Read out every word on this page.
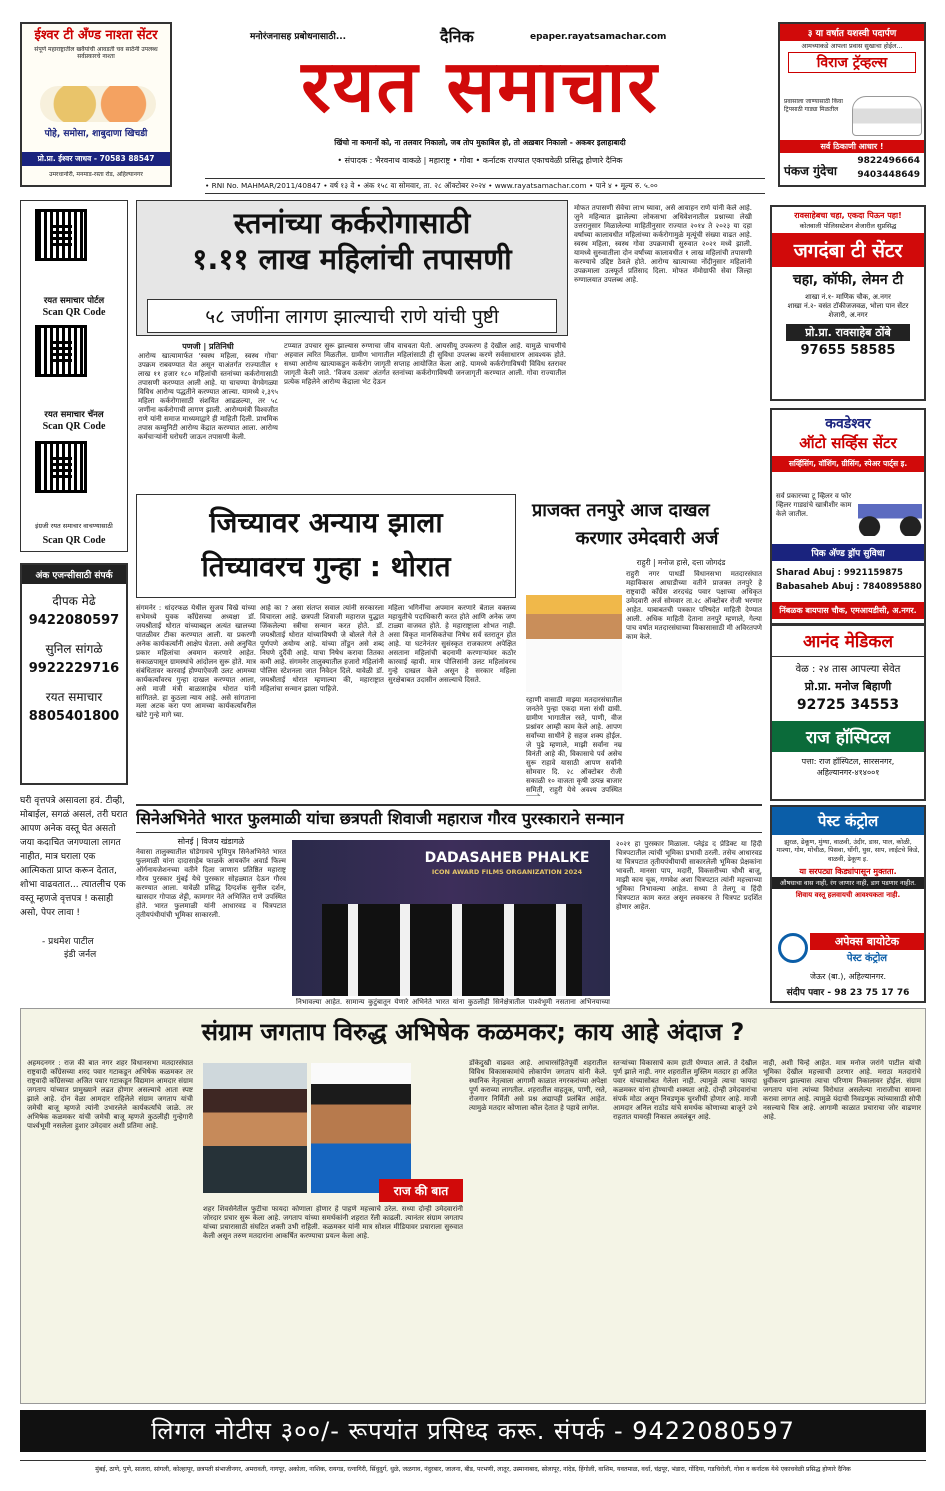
ईश्वर टी अँण्ड नाश्ता सेंटर
संपूर्ण महाराष्ट्रातील खवैयांची आवडती चव साठेंनी उपलब्ध सर्वप्रकारचे नाश्ता
पोहे, समोसा, शाबुदाणा खिचडी
प्रो.प्रा. ईश्वर जाधव - 70583 88547
उमरधानोरी, मनमाड-रस्ता रोड, अहिल्यानगर
मनोरंजनासह प्रबोधनासाठी...	दैनिक	epaper.rayatsamachar.com
रयत समाचार
खिंचो ना कमानों को, ना तलवार निकालो, जब तोप मुकाबिल हो, तो अख़बार निकालो - अकबर इलाहाबादी
• संपादक : भैरवनाथ वाकळे | महाराष्ट्र • गोवा • कर्नाटक राज्यात एकाचवेळी प्रसिद्ध होणारे दैनिक
• RNI No. MAHMAR/2011/40847 • वर्ष १३ वे • अंक १५८ वा सोमवार, ता. २८ ऑक्टोबर २०२४ • www.rayatsamachar.com • पाने ४ • मूल्य रु. ५.००
३ या वर्षात यशस्वी पदार्पण
आमच्याकडे आपला प्रवास सुखाचा होईल...
विराज ट्रॅव्हल्स
प्रवासाला जाण्यासाठी किंवा ट्रिपसाठी गाड्या मिळतील
सर्व ठिकाणी आधार !
पंकज गुंदेचा
9822496664
9403448649
रयत समाचार पोर्टल
Scan QR Code
रयत समाचार चॅनल
Scan QR Code
इंग्रजी रयत समाचार वाचण्यासाठी
Scan QR Code
अंक एजन्सीसाठी संपर्क
दीपक मेढे
9422080597
सुनिल सांगळे
9922229716
रयत समाचार
8805401800
घरी वृत्तपत्रे असावला हवं. टीव्ही, मोबाईल, सगळं असलं, तरी घरात आपण अनेक वस्तू घेत असतो जया कदाचित जगण्याला लागत नाहीत, मात्र घराला एक आत्मिकता प्राप्त करून देतात, शोभा वाढवतात... त्यातलीच एक वस्तू म्हणजे वृत्तपत्र ! कसाही असो, पेपर लावा !
- प्रथमेश पाटील
इंडी जर्नल
स्तनांच्या कर्करोगासाठी
१.११ लाख महिलांची तपासणी
५८ जणींना लागण झाल्याची राणे यांची पुष्टी
पणजी | प्रतिनिधी
आरोग्य खात्यामार्फत 'स्वस्थ महिला, स्वस्थ गोवा' उपक्रम राबवण्यात येत असून याअंतर्गत राज्यातील १ लाख ११ हजार १८० महिलांची स्तनांच्या कर्करोगासाठी तपासणी करण्यात आली आहे. या चाचण्या वेगवेगळ्या विविध आरोग्य पद्धतीने करण्यात आल्या. यामध्ये २,३९५ महिला कर्करोगासाठी संशयित आढळल्या, तर ५८ जणींना कर्करोगाची लागण झाली. आरोग्यमंत्री विश्वजीत राणे यांनी समाज माध्यमाद्वारे ही माहिती दिली. प्राथमिक तपास कम्युनिटी आरोग्य केंद्रात करण्यात आला. आरोग्य कर्मचाऱ्यांनी घरोघरी जाऊन तपासणी केली.
टप्प्यात उपचार सुरू झाल्यास रुग्णाचा जीव वाचवता येतो. आयसीयू उपकरण हे देखील आहे. यामुळे चाचणीचे अहवाल त्वरित मिळतील. ग्रामीण भागातील महिलांसाठी ही सुविधा उपलब्ध करणे सर्वसाधारण आवश्यक होते. सध्या आरोग्य खात्याकडून कर्करोग जागृती सप्ताह आयोजित केला आहे. यामध्ये कर्करोगाविषयी विविध स्तरावर जागृती केली जाते. 'विजय उत्सव' अंतर्गत स्तनांच्या कर्करोगाविषयी जनजागृती करण्यात आली. गोवा राज्यातील प्रत्येक महिलेने आरोग्य केंद्राला भेट देऊन
मोफत तपासणी सेवेचा लाभ घ्यावा, असे आवाहन राणे यांनी केले आहे. जुने महिन्यात झालेल्या लोकसभा अधिवेशनातील प्रश्नाच्या लेखी उत्तरानुसार मिळालेल्या माहितीनुसार राज्यात २०१४ ते २०२३ या दहा वर्षांच्या कालावधीत महिलांच्या कर्करोगामुळे मृत्यूंची संख्या वाढत आहे. स्वस्थ महिला, स्वस्थ गोवा उपक्रमाची सुरुवात २०२१ मध्ये झाली. यामध्ये सुरुवातीला दोन वर्षांच्या कालावधीत १ लाख महिलांची तपासणी करण्याचे उद्दिष्ट ठेवले होते. आरोग्य खात्याच्या नोंदीनुसार महिलांनी उपक्रमाला उत्स्फूर्त प्रतिसाद दिला. मोफत मॅमोग्राफी सेवा जिल्हा रुग्णालयात उपलब्ध आहे.
रावसाहेबचा चहा, एकदा पिऊन पहा!
कोतवाली पोलिसस्टेशन शेजारील सुप्रसिद्ध
जगदंबा टी सेंटर
चहा, कॉफी, लेमन टी
शाखा नं.१- माणिक चौक, अ.नगर
शाखा नं.२- वसंत टॉकीजजवळ, भोला पान सेंटर शेजारी, अ.नगर
प्रो.प्रा. रावसाहेब ठोंबे
97655 58585
कवडेश्वर
ऑटो सर्व्हिस सेंटर
सर्व्हिसिंग, वॉशिंग, ग्रीसिंग, स्पेअर पार्ट्स इ.
सर्व प्रकारच्या टू व्हिलर व फोर व्हिलर गाड्यांचे खात्रीशीर काम केले जातील.
पिक अ‍ॅण्ड ड्रॉप सुविधा
Sharad Abuj : 9921159875
Babasaheb Abuj : 7840895880
निंबळक बायपास चौक, एमआयडीसी, अ.नगर.
आनंद मेडिकल
वेळ : २४ तास आपल्या सेवेत
प्रो.प्रा. मनोज बिहाणी
92725 34553
राज हॉस्पिटल
पत्ता: राज हॉस्पिटल, सारसनगर, अहिल्यानगर-४१४००१
पेस्ट कंट्रोल
झुरळ, ढेकूण, मुंग्या, वाळवी, उंदीर, डास, पाल, कोळी, माश्या, गोम, मोचीळ, पिसवा, घोंगी, घुस, साप, लाईटचे किडे, वाळवी, ढेकूण इ.
या सरपट्या किड्यांपासून मुक्तता.
औषधाचा वास नाही, रंग जाणार नाही, डाग पडणार नाहीत.
शिवाय वस्तू हलवायची आवश्यकता नाही.
अपेक्स बायोटेक
पेस्ट कंट्रोल
जेऊर (बा.), अहिल्यानगर.
संदीप पवार - 98 23 75 17 76
जिच्यावर अन्याय झाला
तिच्यावरच गुन्हा : थोरात
संगमनेर : धांदरफळ येथील सुजय विखे यांच्या सभेमध्ये युवक काँग्रेसच्या अध्यक्षा डॉ. जयश्रीताई थोरात यांच्याबद्दल अत्यंत खालच्या पातळीवर टीका करण्यात आली. या प्रकरणी अनेक कार्यकर्त्यांनी आक्षेप घेतला. असे अनुचित प्रकार महिलांचा अवमान करणारे आहेत. सकाळपासून ग्रामस्थांचे आंदोलन सुरू होते. मात्र संबंधितावर कारवाई होण्याऐवजी उलट आमच्या कार्यकर्त्यांवरच गुन्हा दाखल करण्यात आला, असे माजी मंत्री बाळासाहेब थोरात यांनी सांगितले. हा कुठला न्याय आहे. असे सांगताना मला अटक करा पण आमच्या कार्यकर्त्यांवरील खोटे गुन्हे मागे घ्या.
आहे का ? असा संतप्त सवाल त्यांनी सरकारला विचारला आहे. छत्रपती शिवाजी महाराज युद्धात जिंकलेल्या स्त्रीचा सन्मान करत होते. डॉ. जयश्रीताई थोरात यांच्याविषयी जे बोलले गेले ते पूर्णपणे अयोग्य आहे. यांच्या तोंडून असे शब्द निघणे दुर्दैवी आहे. याचा निषेध करावा तितका कमी आहे. संगमनेर तालुक्यातील हजारो महिलांनी पोलिस स्टेशनला जात निवेदन दिले. यावेळी डॉ. जयश्रीताई थोरात म्हणाल्या की, महाराष्ट्रात महिलांचा सन्मान झाला पाहिजे.
महिला भगिनींचा अपमान करणारे बेताल वक्तव्य महायुतीचे पदाधिकारी करत होते आणि अनेक जण टाळ्या वाजवत होते. हे महाराष्ट्राला शोभत नाही. असा विकृत मानसिकतेचा निषेध सर्व स्तरातून होत आहे. या घटनेनंतर सुसंस्कृत राजकारण अपेक्षित असताना महिलांची बदनामी करणाऱ्यांवर कठोर कारवाई व्हावी. मात्र पोलिसांनी उलट महिलांवरच गुन्हे दाखल केले असून हे सरकार महिला सुरक्षेबाबत उदासीन असल्याचे दिसते.
प्राजक्त तनपुरे आज दाखल
करणार उमेदवारी अर्ज
राहुरी | मनोज हासे, दत्ता जोगदंड
राहुरी नगर पाथर्डी विधानसभा मतदारसंघात महाविकास आघाडीच्या वतीने प्राजक्त तनपुरे हे राष्ट्रवादी काँग्रेस शरदचंद्र पवार पक्षाच्या अधिकृत उमेदवारी अर्ज सोमवार ता.२८ ऑक्टोबर रोजी भरणार आहेत. याबाबतची पत्रकार परिषदेत माहिती देण्यात आली. अधिक माहिती देताना तनपुरे म्हणाले, गेल्या पाच वर्षात मतदारसंघाच्या विकासासाठी मी अविरतपणे काम केले.
रहाणी वासाठी माझ्या मतदारसंघातील जनतेने पुन्हा एकदा मला संधी द्यावी. ग्रामीण भागातील रस्ते, पाणी, वीज प्रश्नांवर आम्ही काम केले आहे. आपण सर्वांच्या साथीने हे सहज शक्य होईल. जे पुढे म्हणाले, माझी सर्वांना नम्र विनंती आहे की, विकासाचे पर्व असेच सुरू राहावे यासाठी आपण सर्वांनी सोमवार दि. २८ ऑक्टोबर रोजी सकाळी १० वाजता कृषी उत्पन्न बाजार समिती, राहुरी येथे अवश्य उपस्थित
सिनेअभिनेते भारत फुलमाळी यांचा छत्रपती शिवाजी महाराज गौरव पुरस्काराने सन्मान
सोनई | विजय खंडागळे
नेवासा तालुक्यातील घोडेगावचे भूमिपुत्र सिनेअभिनेते भारत फुलमाळी यांना दादासाहेब फाळके आयकॉन अवार्ड फिल्म ऑर्गनायजेशनच्या वतीने दिला जाणारा प्रतिष्ठित महाराष्ट्र गौरव पुरस्कार मुंबई येथे पुरस्कार सोहळ्यात देऊन गौरव करण्यात आला. यावेळी प्रसिद्ध दिग्दर्शक सुनील दर्शन, खासदार गोपाळ शेट्टी, कामगार नेते अभिजित राणे उपस्थित होते. भारत फुलमाळी यांनी आधारवड व चित्रपटात तृतीयपंथीयांची भूमिका साकारली.
DADASAHEB PHALKE
ICON AWARD FILMS ORGANIZATION 2024
निभावल्या आहेत. सामान्य कुटुंबातून येणारे अभिनेते भारत यांना कुठलीही सिनेक्षेत्रातील पार्श्वभूमी नसताना अभिनयाच्या
२०२१ हा पुरस्कार मिळाला. प्लेइंड द प्रेडिक्ट या हिंदी चित्रपटातील त्यांची भूमिका प्रभावी ठरली. तसेच आधारवड या चित्रपटात तृतीयपंथीयाची साकारलेली भूमिका प्रेक्षकांना भावली. मानसा पाप, मदारी, विकसरीच्या चौथी बाजू, माझी काय चूक, गणवेश अशा चित्रपटात त्यांनी महत्त्वाच्या भूमिका निभावल्या आहेत. सध्या ते तेलगू व हिंदी चित्रपटात काम करत असून लवकरच ते चित्रपट प्रदर्शित होणार आहेत.
संग्राम जगताप विरुद्ध अभिषेक कळमकर; काय आहे अंदाज ?
अहमदनगर : राज की बात नगर शहर विधानसभा मतदारसंघात राष्ट्रवादी काँग्रेसच्या शरद पवार गटाकडून अभिषेक कळमकर तर राष्ट्रवादी काँग्रेसच्या अजित पवार गटाकडून विद्यमान आमदार संग्राम जगताप यांच्यात प्रामुख्याने लढत होणार असल्याचे आता स्पष्ट झाले आहे. दोन वेळा आमदार राहिलेले संग्राम जगताप यांची जमेची बाजू म्हणजे त्यांनी उभारलेले कार्यकर्त्यांचे जाळे. तर अभिषेक कळमकर यांची जमेची बाजू म्हणजे कुठलीही गुन्हेगारी पार्श्वभूमी नसलेला हुशार उमेदवार अशी प्रतिमा आहे.
राज की बात
शहर शिवसेनेतील फुटीचा फायदा कोणाला होणार हे पाहणे महत्त्वाचे ठरेल. सध्या दोन्ही उमेदवारांनी जोरदार प्रचार सुरू केला आहे. जगताप यांच्या समर्थकांनी शहरात रॅली काढली. त्यानंतर संग्राम जगताप यांच्या प्रचारासाठी संघटित शक्ती उभी राहिली. कळमकर यांनी मात्र सोशल मीडियावर प्रचाराला सुरुवात केली असून तरुण मतदारांना आकर्षित करण्याचा प्रयत्न केला आहे.
डोंकेदुखी वाढवत आहे. आचारसंहितेपूर्वी शहरातील विविध विकासकामांचे लोकार्पण जगताप यांनी केले. स्थानिक नेतृत्वाला आगामी काळात नगरकरांच्या अपेक्षा पूर्ण कराव्या लागतील. शहरातील वाहतूक, पाणी, रस्ते, रोजगार निर्मिती असे प्रश्न अद्यापही प्रलंबित आहेत. त्यामुळे मतदार कोणाला कौल देतात हे पहावे लागेल.
स्तऱ्यांच्या विकासाचे काम हाती घेण्यात आले. ते देखील पूर्ण झाले नाही. नगर शहरातील मुस्लिम मतदार हा अजित पवार यांच्यासोबत गेलेला नाही. त्यामुळे त्याचा फायदा कळमकर यांना होण्याची शक्यता आहे. दोन्ही उमेदवारांचा संपर्क मोठा असून निवडणूक चुरशीची होणार आहे. माजी आमदार अनिल राठोड यांचे समर्थक कोणाच्या बाजूने उभे राहतात यावरही निकाल अवलंबून आहे.
नाही, अशी चिन्हे आहेत. मात्र मनोज जरांगे पाटील यांची भूमिका देखील महत्त्वाची ठरणार आहे. मराठा मतदारांचे ध्रुवीकरण झाल्यास त्याचा परिणाम निकालावर होईल. संग्राम जगताप यांना त्यांच्या विरोधात असलेल्या नाराजीचा सामना करावा लागत आहे. त्यामुळे यंदाची निवडणूक त्यांच्यासाठी सोपी नसल्याचे चित्र आहे. आगामी काळात प्रचाराचा जोर वाढणार आहे.
लिगल नोटीस ३००/- रूपयांत प्रसिध्द करू. संपर्क - 9422080597
मुंबई, ठाणे, पुणे, सातारा, सांगली, कोल्हापूर, छत्रपती संभाजीनगर, अमरावती, नागपूर, अकोला, नाशिक, रायगड, रत्नागिरी, सिंधुदुर्ग, धुळे, जळगाव, नंदुरबार, जालना, बीड, परभणी, लातूर, उस्मानाबाद, सोलापूर, नांदेड, हिंगोली, वाशिम, यवतमाळ, वर्धा, चंद्रपूर, भंडारा, गोंदिया, गडचिरोली, गोवा व कर्नाटक येथे एकाचवेळी प्रसिद्ध होणारे दैनिक
